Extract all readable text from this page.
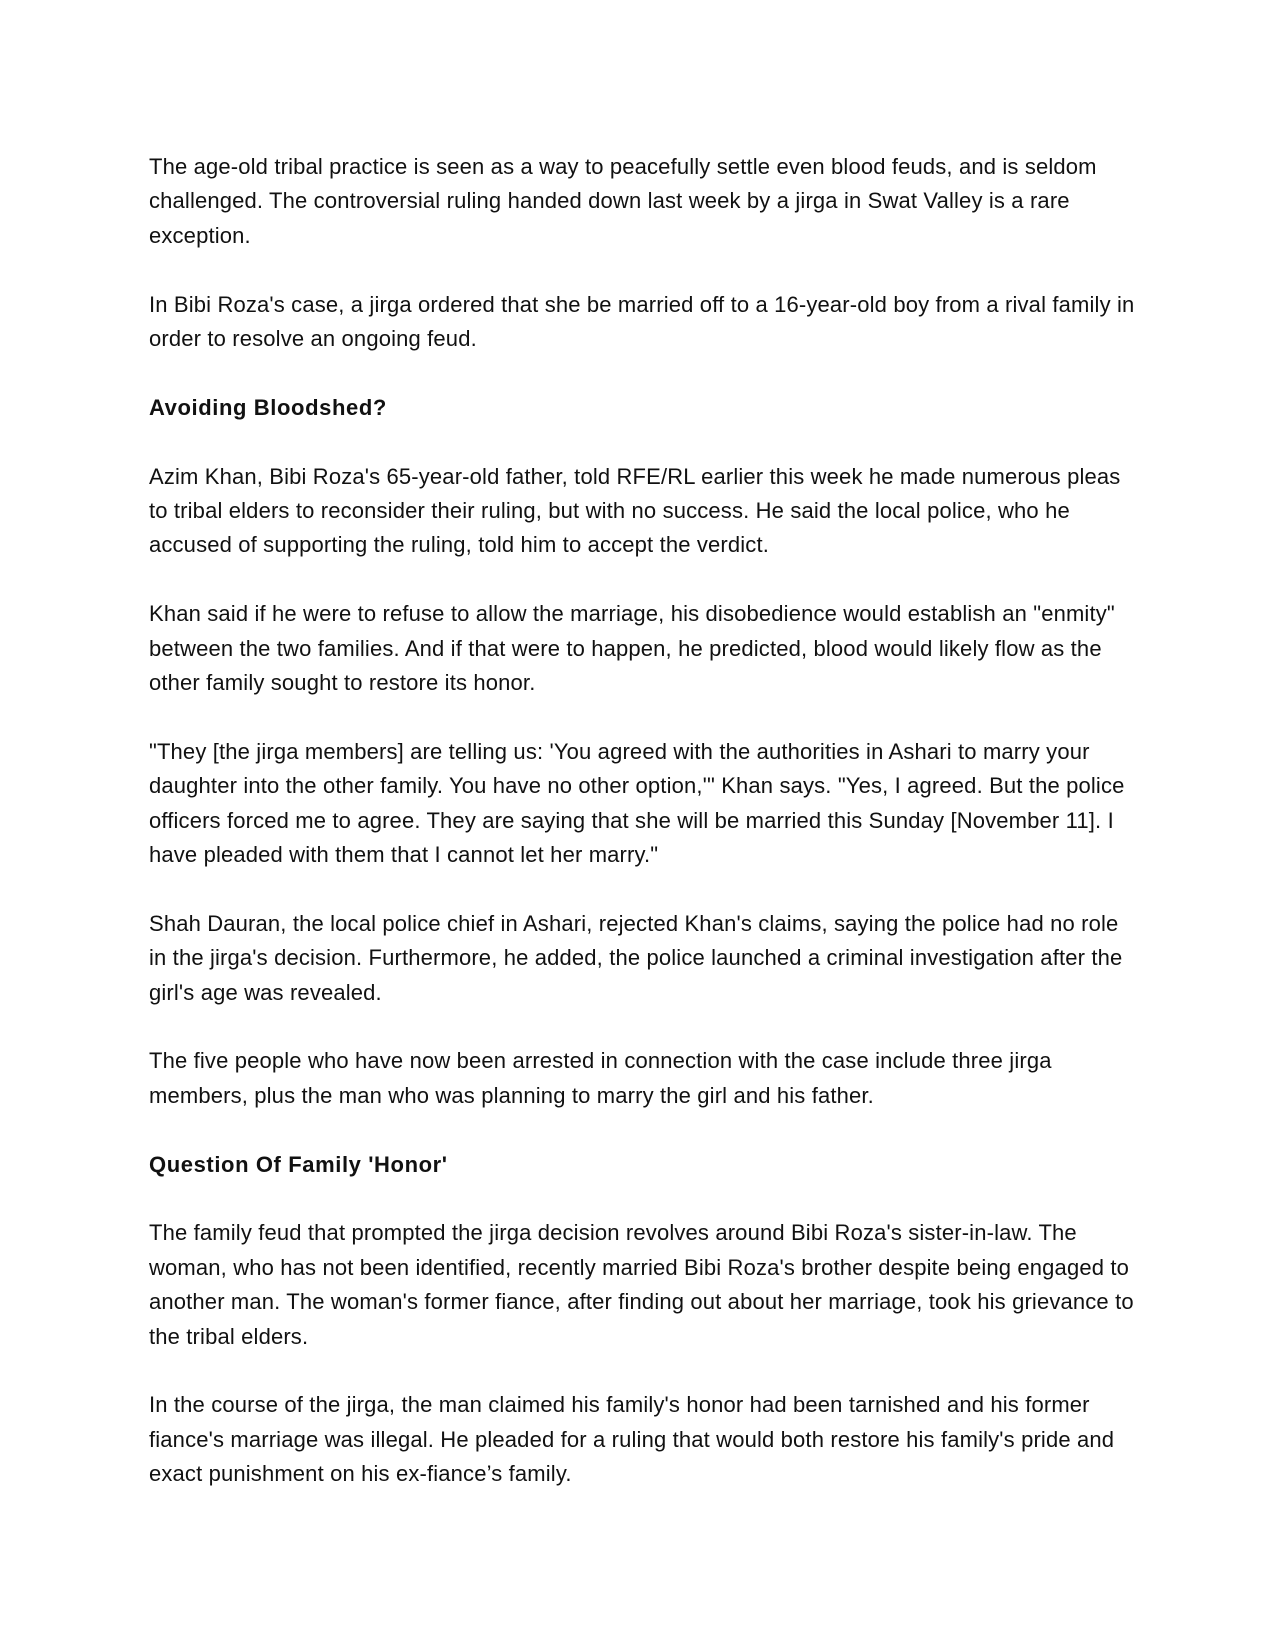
The age-old tribal practice is seen as a way to peacefully settle even blood feuds, and is seldom challenged. The controversial ruling handed down last week by a jirga in Swat Valley is a rare exception.

In Bibi Roza's case, a jirga ordered that she be married off to a 16-year-old boy from a rival family in order to resolve an ongoing feud.

Avoiding Bloodshed?

Azim Khan, Bibi Roza's 65-year-old father, told RFE/RL earlier this week he made numerous pleas to tribal elders to reconsider their ruling, but with no success. He said the local police, who he accused of supporting the ruling, told him to accept the verdict.

Khan said if he were to refuse to allow the marriage, his disobedience would establish an "enmity" between the two families. And if that were to happen, he predicted, blood would likely flow as the other family sought to restore its honor.

"They [the jirga members] are telling us: 'You agreed with the authorities in Ashari to marry your daughter into the other family. You have no other option,'" Khan says. "Yes, I agreed. But the police officers forced me to agree. They are saying that she will be married this Sunday [November 11]. I have pleaded with them that I cannot let her marry."

Shah Dauran, the local police chief in Ashari, rejected Khan's claims, saying the police had no role in the jirga's decision. Furthermore, he added, the police launched a criminal investigation after the girl's age was revealed.

The five people who have now been arrested in connection with the case include three jirga members, plus the man who was planning to marry the girl and his father.

Question Of Family 'Honor'

The family feud that prompted the jirga decision revolves around Bibi Roza's sister-in-law. The woman, who has not been identified, recently married Bibi Roza's brother despite being engaged to another man. The woman's former fiance, after finding out about her marriage, took his grievance to the tribal elders.

In the course of the jirga, the man claimed his family's honor had been tarnished and his former fiance's marriage was illegal. He pleaded for a ruling that would both restore his family's pride and exact punishment on his ex-fiance’s family.
